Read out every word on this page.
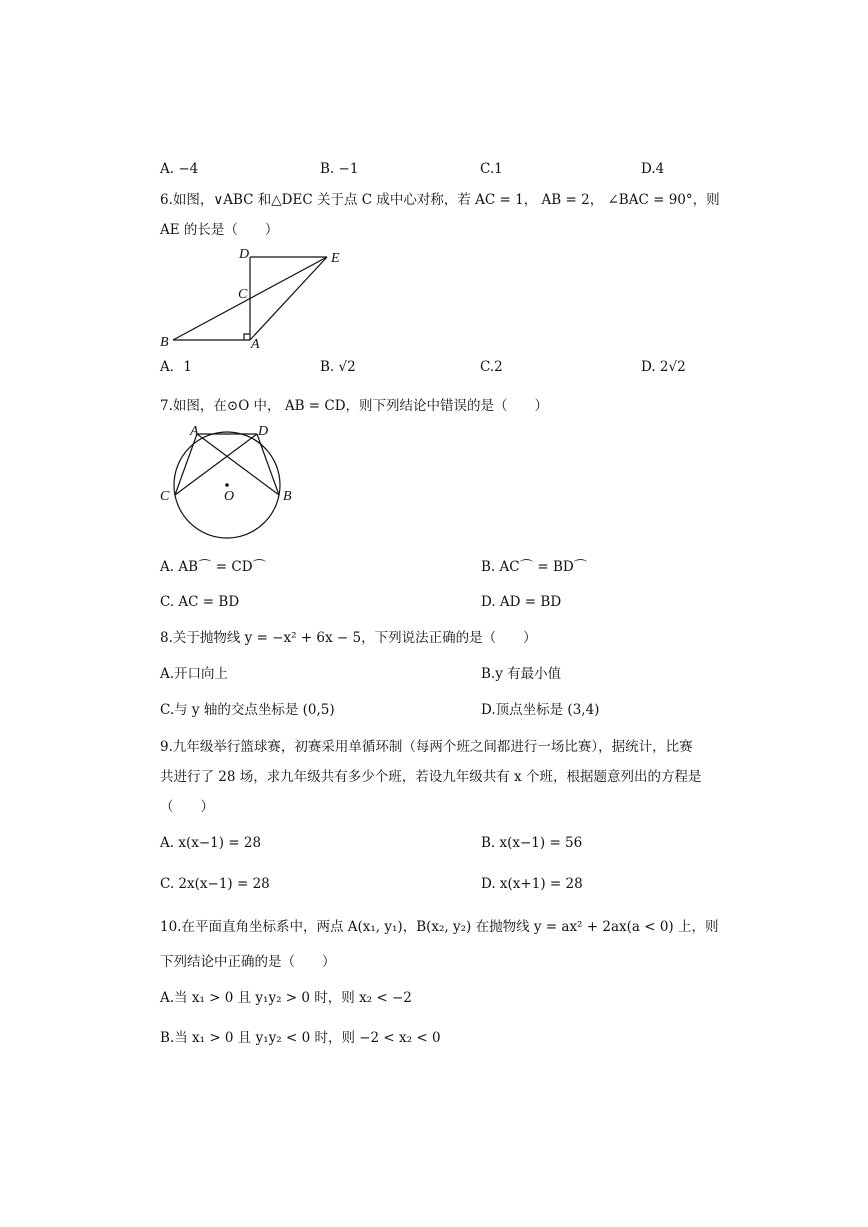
A. −4	B. −1	C.1	D.4
6.如图，∨ABC 和△DEC 关于点 C 成中心对称，若 AC = 1， AB = 2， ∠BAC = 90°，则
AE 的长是（　　）
B	A
C
D	E
A．1	B. √2	C.2	D. 2√2
7.如图，在⊙O 中， AB = CD，则下列结论中错误的是（　　）
A	D
C	O	B
A. AB⌒ = CD⌒	B. AC⌒ = BD⌒
C. AC = BD	D. AD = BD
8.关于抛物线 y = −x² + 6x − 5，下列说法正确的是（　　）
A.开口向上	B.y 有最小值
C.与 y 轴的交点坐标是 (0,5)	D.顶点坐标是 (3,4)
9.九年级举行篮球赛，初赛采用单循环制（每两个班之间都进行一场比赛），据统计，比赛
共进行了 28 场，求九年级共有多少个班，若设九年级共有 x 个班，根据题意列出的方程是
（　　）
A. x(x−1) = 28	B. x(x−1) = 56
C. 2x(x−1) = 28	D. x(x+1) = 28
10.在平面直角坐标系中，两点 A(x₁, y₁)，B(x₂, y₂) 在抛物线 y = ax² + 2ax(a < 0) 上，则
下列结论中正确的是（　　）
A.当 x₁ > 0 且 y₁y₂ > 0 时，则 x₂ < −2
B.当 x₁ > 0 且 y₁y₂ < 0 时，则 −2 < x₂ < 0
